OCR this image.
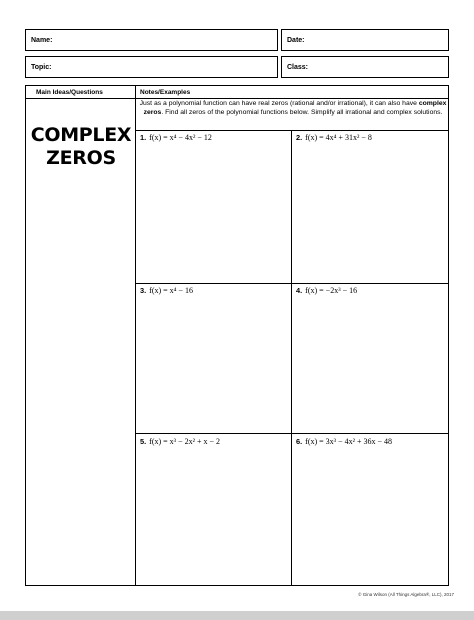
Name:	Date:
Topic:	Class:
Main Ideas/Questions	Notes/Examples
COMPLEX
ZEROS
Just as a polynomial function can have real zeros (rational and/or irrational), it can also have complex zeros. Find all zeros of the polynomial functions below. Simplify all irrational and complex solutions.
1. f(x) = x⁴ − 4x² − 12	2. f(x) = 4x⁴ + 31x² − 8
3. f(x) = x⁴ − 16	4. f(x) = −2x³ − 16
5. f(x) = x³ − 2x² + x − 2	6. f(x) = 3x³ − 4x² + 36x − 48
© Gina Wilson (All Things Algebra®, LLC), 2017
